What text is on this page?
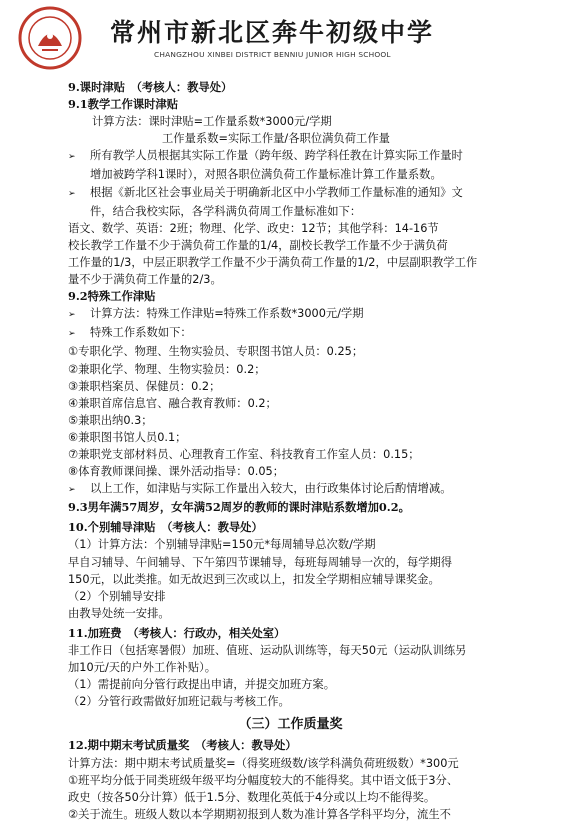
常州市新北区奔牛初级中学
CHANGZHOU XINBEI DISTRICT BENNIU JUNIOR HIGH SCHOOL

9.课时津贴　（考核人：教导处）

9.1教学工作课时津贴

计算方法：课时津贴=工作量系数*3000元/学期

工作量系数=实际工作量/各职位满负荷工作量

➢ 所有教学人员根据其实际工作量（跨年级、跨学科任教在计算实际工作量时

增加被跨学科1课时），对照各职位满负荷工作量标准计算工作量系数。

➢ 根据《新北区社会事业局关于明确新北区中小学教师工作量标准的通知》文

件，结合我校实际，各学科满负荷周工作量标准如下：

语文、数学、英语：2班；物理、化学、政史：12节；其他学科：14-16节

校长教学工作量不少于满负荷工作量的1/4，副校长教学工作量不少于满负荷

工作量的1/3，中层正职教学工作量不少于满负荷工作量的1/2，中层副职教学工作

量不少于满负荷工作量的2/3。

9.2特殊工作津贴

➢ 计算方法：特殊工作津贴=特殊工作系数*3000元/学期

➢ 特殊工作系数如下：

①专职化学、物理、生物实验员、专职图书馆人员：0.25；

②兼职化学、物理、生物实验员：0.2；

③兼职档案员、保健员：0.2；

④兼职首席信息官、融合教育教师：0.2；

⑤兼职出纳0.3；

⑥兼职图书馆人员0.1；

⑦兼职党支部材料员、心理教育工作室、科技教育工作室人员：0.15；

⑧体育教师课间操、课外活动指导：0.05；

➢ 以上工作，如津贴与实际工作量出入较大，由行政集体讨论后酌情增减。

9.3男年满57周岁，女年满52周岁的教师的课时津贴系数增加0.2。

10.个别辅导津贴　（考核人：教导处）

（1）计算方法：个别辅导津贴=150元*每周辅导总次数/学期

早自习辅导、午间辅导、下午第四节课辅导，每班每周辅导一次的，每学期得

150元，以此类推。如无故迟到三次或以上，扣发全学期相应辅导课奖金。

（2）个别辅导安排

由教导处统一安排。

11.加班费　（考核人：行政办，相关处室）

非工作日（包括寒暑假）加班、值班、运动队训练等，每天50元（运动队训练另

加10元/天的户外工作补贴）。

（1）需提前向分管行政提出申请，并提交加班方案。

（2）分管行政需做好加班记载与考核工作。

（三）工作质量奖

12.期中期末考试质量奖　（考核人：教导处）

计算方法：期中期末考试质量奖=（得奖班级数/该学科满负荷班级数）*300元

①班平均分低于同类班级年级平均分幅度较大的不能得奖。其中语文低于3分、

政史（按各50分计算）低于1.5分、数理化英低于4分或以上均不能得奖。

②关于流生。班级人数以本学期期初报到人数为准计算各学科平均分，流生不
